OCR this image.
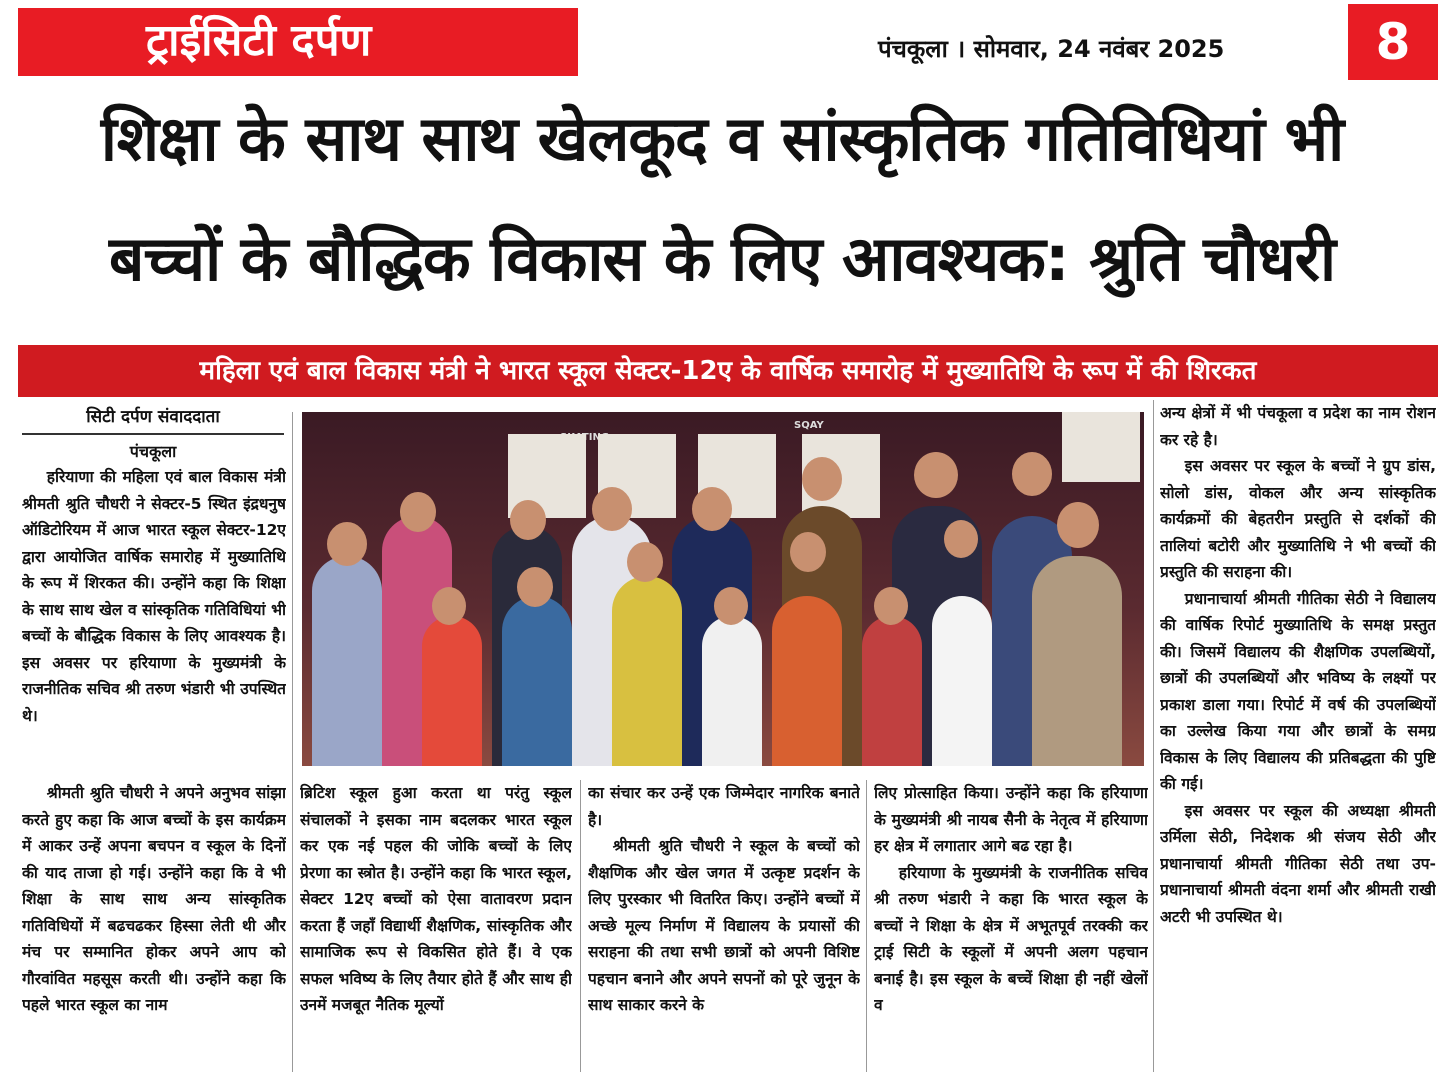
ट्राईसिटी दर्पण	पंचकूला । सोमवार, 24 नवंबर 2025	8
शिक्षा के साथ साथ खेलकूद व सांस्कृतिक गतिविधियां भी
बच्चों के बौद्धिक विकास के लिए आवश्यक: श्रुति चौधरी
महिला एवं बाल विकास मंत्री ने भारत स्कूल सेक्टर-12ए के वार्षिक समारोह में मुख्यातिथि के रूप में की शिरकत
सिटी दर्पण संवाददाता
पंचकूला
SQAY

हरियाणा की महिला एवं बाल विकास मंत्री श्रीमती श्रुति चौधरी ने सेक्टर-5 स्थित इंद्रधनुष ऑडिटोरियम में आज भारत स्कूल सेक्टर-12ए द्वारा आयोजित वार्षिक समारोह में मुख्यातिथि के रूप में शिरकत की। उन्होंने कहा कि शिक्षा के साथ साथ खेल व सांस्कृतिक गतिविधियां भी बच्चों के बौद्धिक विकास के लिए आवश्यक है। इस अवसर पर हरियाणा के मुख्यमंत्री के राजनीतिक सचिव श्री तरुण भंडारी भी उपस्थित थे।

श्रीमती श्रुति चौधरी ने अपने अनुभव सांझा करते हुए कहा कि आज बच्चों के इस कार्यक्रम में आकर उन्हें अपना बचपन व स्कूल के दिनों की याद ताजा हो गई। उन्होंने कहा कि वे भी शिक्षा के साथ साथ अन्य सांस्कृतिक गतिविधियों में बढचढकर हिस्सा लेती थी और मंच पर सम्मानित होकर अपने आप को गौरवांवित महसूस करती थी। उन्होंने कहा कि पहले भारत स्कूल का नाम

ब्रिटिश स्कूल हुआ करता था परंतु स्कूल संचालकों ने इसका नाम बदलकर भारत स्कूल कर एक नई पहल की जोकि बच्चों के लिए प्रेरणा का स्त्रोत है। उन्होंने कहा कि भारत स्कूल, सेक्टर 12ए बच्चों को ऐसा वातावरण प्रदान करता हैं जहाँ विद्यार्थी शैक्षणिक, सांस्कृतिक और सामाजिक रूप से विकसित होते हैं। वे एक सफल भविष्य के लिए तैयार होते हैं और साथ ही उनमें मजबूत नैतिक मूल्यों

का संचार कर उन्हें एक जिम्मेदार नागरिक बनाते है।

श्रीमती श्रुति चौधरी ने स्कूल के बच्चों को शैक्षणिक और खेल जगत में उत्कृष्ट प्रदर्शन के लिए पुरस्कार भी वितरित किए। उन्होंने बच्चों में अच्छे मूल्य निर्माण में विद्यालय के प्रयासों की सराहना की तथा सभी छात्रों को अपनी विशिष्ट पहचान बनाने और अपने सपनों को पूरे जुनून के साथ साकार करने के

लिए प्रोत्साहित किया। उन्होंने कहा कि हरियाणा के मुख्यमंत्री श्री नायब सैनी के नेतृत्व में हरियाणा हर क्षेत्र में लगातार आगे बढ रहा है।

हरियाणा के मुख्यमंत्री के राजनीतिक सचिव श्री तरुण भंडारी ने कहा कि भारत स्कूल के बच्चों ने शिक्षा के क्षेत्र में अभूतपूर्व तरक्की कर ट्राई सिटी के स्कूलों में अपनी अलग पहचान बनाई है। इस स्कूल के बच्चें शिक्षा ही नहीं खेलों व

अन्य क्षेत्रों में भी पंचकूला व प्रदेश का नाम रोशन कर रहे है।

इस अवसर पर स्कूल के बच्चों ने ग्रुप डांस, सोलो डांस, वोकल और अन्य सांस्कृतिक कार्यक्रमों की बेहतरीन प्रस्तुति से दर्शकों की तालियां बटोरी और मुख्यातिथि ने भी बच्चों की प्रस्तुति की सराहना की।

प्रधानाचार्या श्रीमती गीतिका सेठी ने विद्यालय की वार्षिक रिपोर्ट मुख्यातिथि के समक्ष प्रस्तुत की। जिसमें विद्यालय की शैक्षणिक उपलब्धियों, छात्रों की उपलब्धियों और भविष्य के लक्ष्यों पर प्रकाश डाला गया। रिपोर्ट में वर्ष की उपलब्धियों का उल्लेख किया गया और छात्रों के समग्र विकास के लिए विद्यालय की प्रतिबद्धता की पुष्टि की गई।

इस अवसर पर स्कूल की अध्यक्षा श्रीमती उर्मिला सेठी, निदेशक श्री संजय सेठी और प्रधानाचार्या श्रीमती गीतिका सेठी तथा उप-प्रधानाचार्या श्रीमती वंदना शर्मा और श्रीमती राखी अटरी भी उपस्थित थे।
